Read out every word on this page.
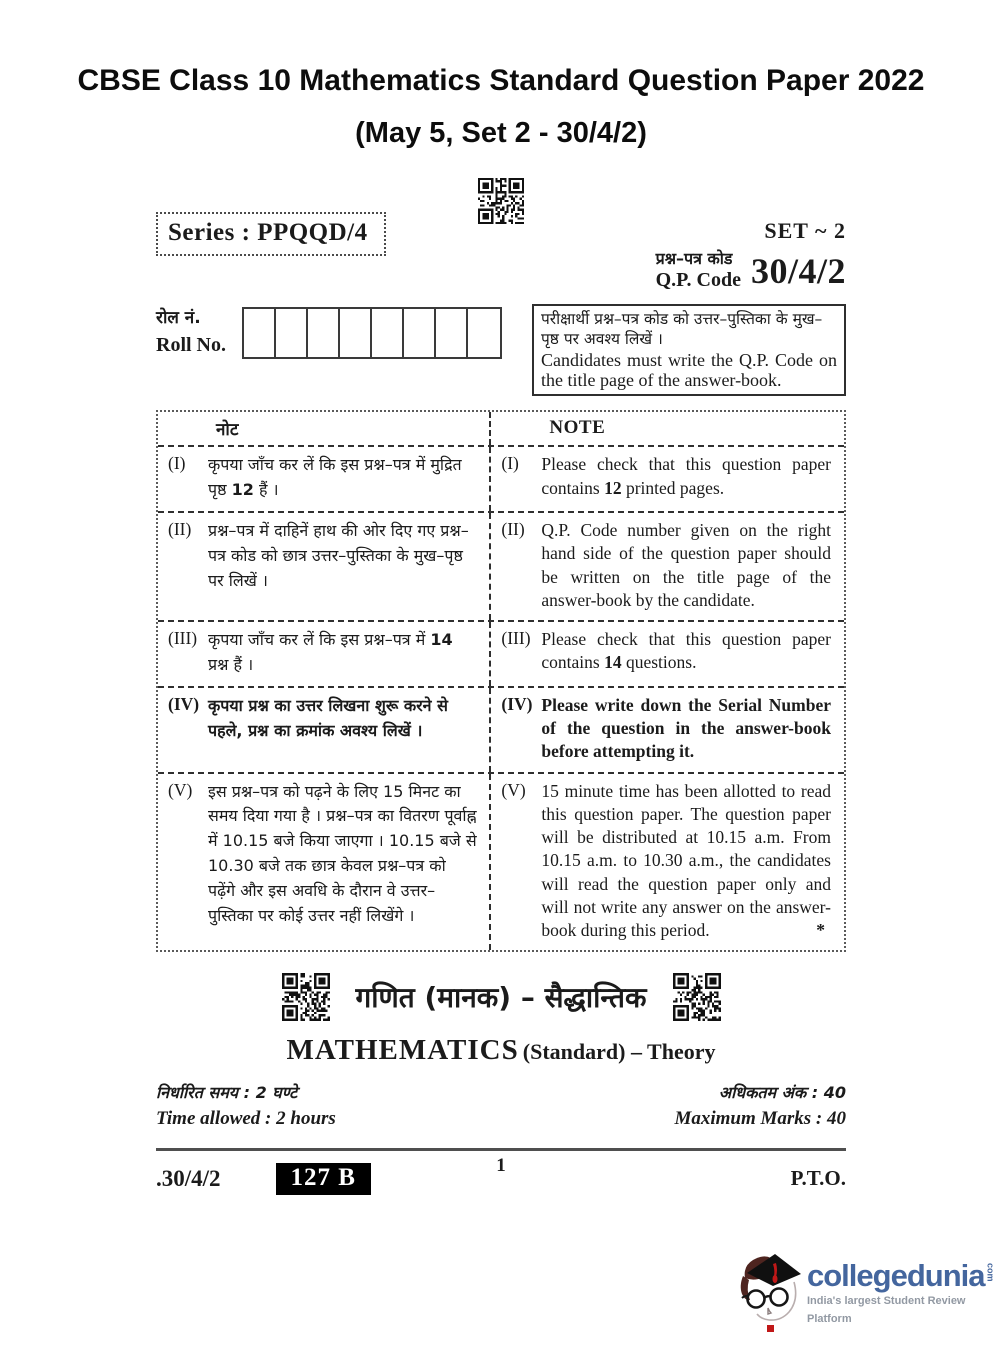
CBSE Class 10 Mathematics Standard Question Paper 2022
(May 5, Set 2 - 30/4/2)
Series : PPQQD/4	SET ~ 2
प्रश्न–पत्र कोड
Q.P. Code 30/4/2
रोल नं.
Roll No.
परीक्षार्थी प्रश्न–पत्र कोड को उत्तर–पुस्तिका के मुख–पृष्ठ पर अवश्य लिखें ।
Candidates must write the Q.P. Code on the title page of the answer-book.
नोट	NOTE
(I)	कृपया जाँच कर लें कि इस प्रश्न–पत्र में मुद्रित पृष्ठ 12 हैं ।
(I)	Please check that this question paper contains 12 printed pages.
(II)	प्रश्न–पत्र में दाहिनें हाथ की ओर दिए गए प्रश्न–पत्र कोड को छात्र उत्तर–पुस्तिका के मुख–पृष्ठ पर लिखें ।
(II) Q.P. Code number given on the right hand side of the question paper should be written on the title page of the answer-book by the candidate.
(III) कृपया जाँच कर लें कि इस प्रश्न–पत्र में 14 प्रश्न हैं ।
(III) Please check that this question paper contains 14 questions.
(IV) कृपया प्रश्न का उत्तर लिखना शुरू करने से पहले, प्रश्न का क्रमांक अवश्य लिखें ।
(IV) Please write down the Serial Number of the question in the answer-book before attempting it.
(V) इस प्रश्न–पत्र को पढ़ने के लिए 15 मिनट का समय दिया गया है । प्रश्न–पत्र का वितरण पूर्वाह्न में 10.15 बजे किया जाएगा । 10.15 बजे से 10.30 बजे तक छात्र केवल प्रश्न–पत्र को पढ़ेंगे और इस अवधि के दौरान वे उत्तर–पुस्तिका पर कोई उत्तर नहीं लिखेंगे ।
(V) 15 minute time has been allotted to read this question paper. The question paper will be distributed at 10.15 a.m. From 10.15 a.m. to 10.30 a.m., the candidates will read the question paper only and will not write any answer on the answer-book during this period.	*
गणित (मानक) – सैद्धान्तिक
MATHEMATICS (Standard) – Theory
निर्धारित समय : 2 घण्टे	अधिकतम अंक : 40
Time allowed : 2 hours	Maximum Marks : 40
.30/4/2	127 B	1
P.T.O.
collegedunia com
India's largest Student Review Platform
